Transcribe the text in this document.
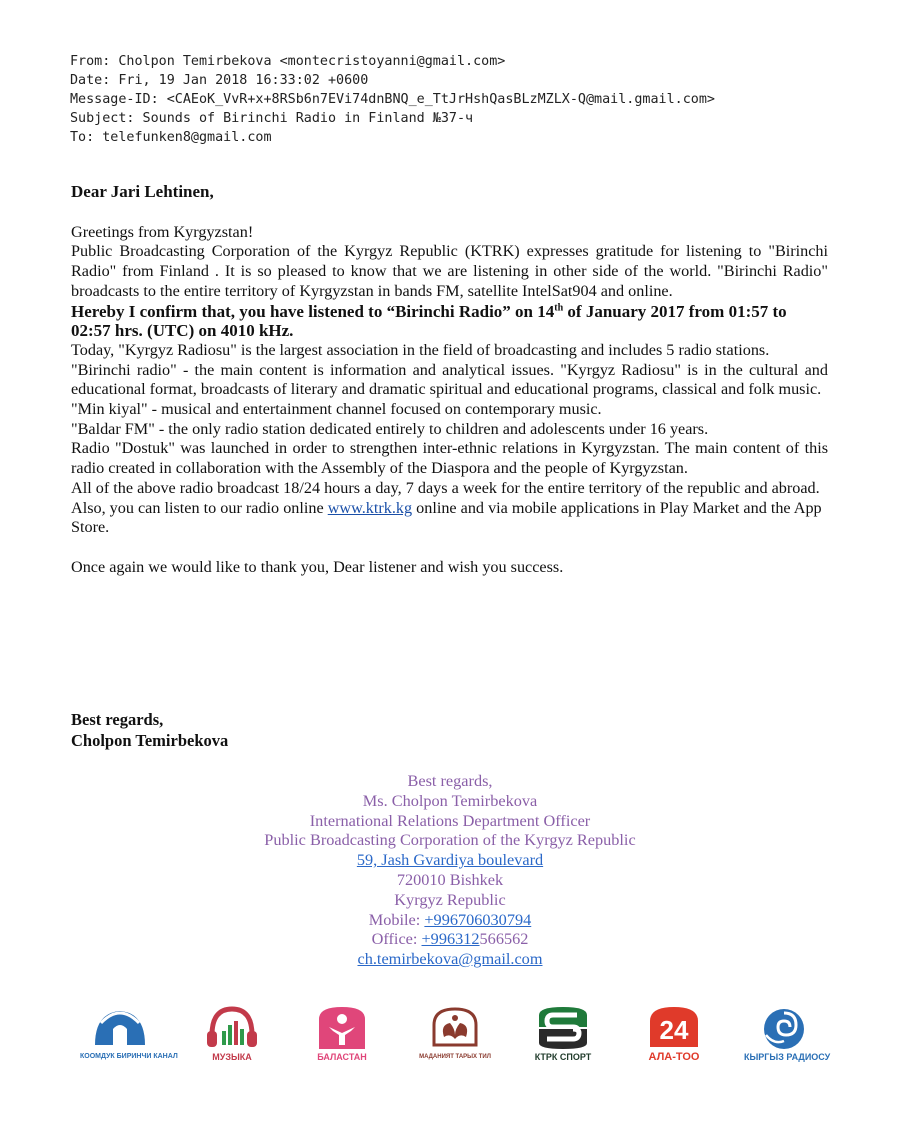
From: Cholpon Temirbekova <montecristoyanni@gmail.com>
Date: Fri, 19 Jan 2018 16:33:02 +0600
Message-ID: <CAEoK_VvR+x+8RSb6n7EVi74dnBNQ_e_TtJrHshQasBLzMZLX-Q@mail.gmail.com>
Subject: Sounds of Birinchi Radio in Finland №37-ч
To: telefunken8@gmail.com

Dear Jari Lehtinen,

Greetings from Kyrgyzstan!

Public Broadcasting Corporation of the Kyrgyz Republic (KTRK) expresses gratitude for listening to "Birinchi Radio" from Finland . It is so pleased to know that we are listening in other side of the world. "Birinchi Radio" broadcasts to the entire territory of Kyrgyzstan in bands FM, satellite IntelSat904 and online.

Hereby I confirm that, you have listened to “Birinchi Radio” on 14th of January 2017 from 01:57 to 02:57 hrs. (UTC) on 4010 kHz.

Today, "Kyrgyz Radiosu" is the largest association in the field of broadcasting and includes 5 radio stations.

"Birinchi radio" - the main content is information and analytical issues. "Kyrgyz Radiosu" is in the cultural and educational format, broadcasts of literary and dramatic spiritual and educational programs, classical and folk music.

"Min kiyal" - musical and entertainment channel focused on contemporary music.

"Baldar FM" - the only radio station dedicated entirely to children and adolescents under 16 years.

Radio "Dostuk" was launched in order to strengthen inter-ethnic relations in Kyrgyzstan. The main content of this radio created in collaboration with the Assembly of the Diaspora and the people of Kyrgyzstan.

All of the above radio broadcast 18/24 hours a day, 7 days a week for the entire territory of the republic and abroad. Also, you can listen to our radio online www.ktrk.kg online and via mobile applications in Play Market and the App Store.

Once again we would like to thank you, Dear listener and wish you success.

Best regards,
Cholpon Temirbekova
Best regards,
Ms. Cholpon Temirbekova
International Relations Department Officer
Public Broadcasting Corporation of the Kyrgyz Republic
59, Jash Gvardiya boulevard
720010 Bishkek
Kyrgyz Republic
Mobile: +996706030794
Office: +996312566562
ch.temirbekova@gmail.com
КООМДУК БИРИНЧИ КАНАЛ	МУЗЫКА	БАЛАСТАН	МАДАНИЯТ ТАРЫХ ТИЛ	КТРК СПОРТ
24
АЛА-ТОО	КЫРГЫЗ РАДИОСУ
